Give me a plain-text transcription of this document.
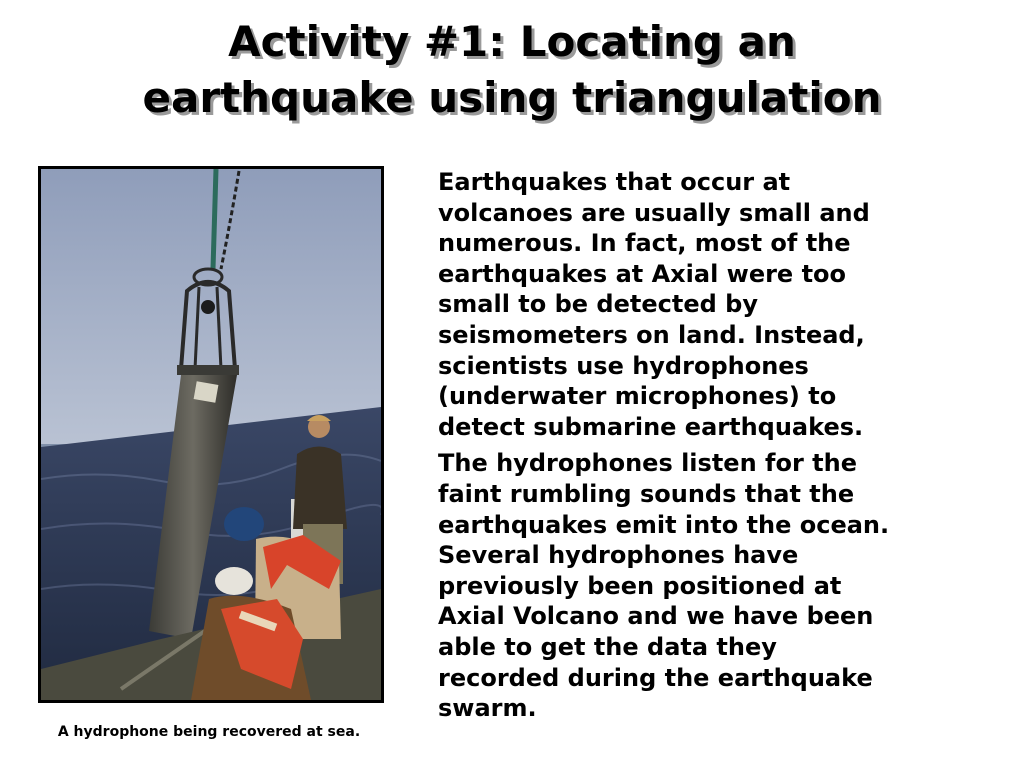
Activity #1: Locating an
earthquake using triangulation
A hydrophone being recovered at sea.

Earthquakes that occur at
volcanoes are usually small and
numerous. In fact, most of the
earthquakes at Axial were too
small to be detected by
seismometers on land. Instead,
scientists use hydrophones
(underwater microphones) to
detect submarine earthquakes.

The hydrophones listen for the
faint rumbling sounds that the
earthquakes emit into the ocean.
Several hydrophones have
previously been positioned at
Axial Volcano and we have been
able to get the data they
recorded during the earthquake
swarm.
